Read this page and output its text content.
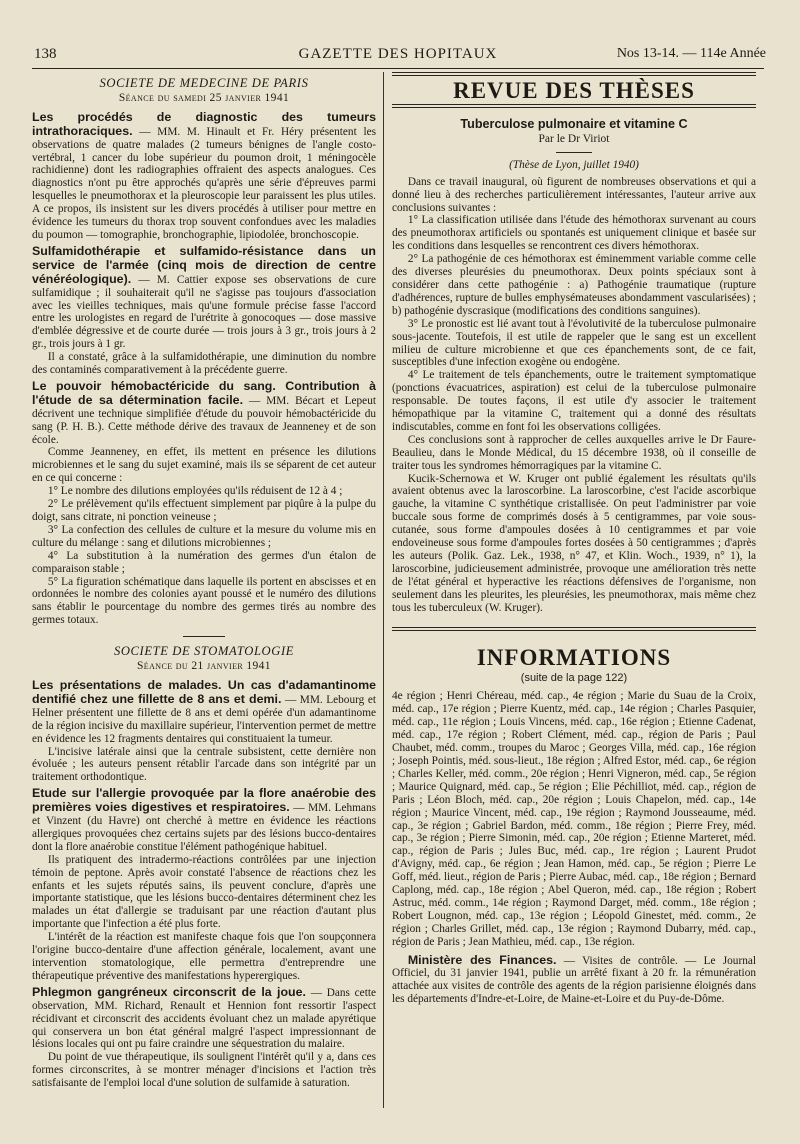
138	GAZETTE DES HOPITAUX	Nos 13-14. — 114e Année
SOCIETE DE MEDECINE DE PARIS
Séance du samedi 25 janvier 1941

Les procédés de diagnostic des tumeurs intrathoraciques. — MM. M. Hinault et Fr. Héry présentent les observations de quatre malades (2 tumeurs bénignes de l'angle costo-vertébral, 1 cancer du lobe supérieur du poumon droit, 1 méningocèle rachidienne) dont les radiographies offraient des aspects analogues. Ces diagnostics n'ont pu être approchés qu'après une série d'épreuves parmi lesquelles le pneumothorax et la pleuroscopie leur paraissent les plus utiles. A ce propos, ils insistent sur les divers procédés à utiliser pour mettre en évidence les tumeurs du thorax trop souvent confondues avec les maladies du poumon — tomographie, bronchographie, lipiodolée, bronchoscopie.

Sulfamidothérapie et sulfamido-résistance dans un service de l'armée (cinq mois de direction de centre vénéréologique). — M. Cattier expose ses observations de cure sulfamidique ; il souhaiterait qu'il ne s'agisse pas toujours d'association avec les vieilles techniques, mais qu'une formule précise fasse l'accord entre les urologistes en regard de l'urétrite à gonocoques — dose massive d'emblée dégressive et de courte durée — trois jours à 3 gr., trois jours à 2 gr., trois jours à 1 gr.

Il a constaté, grâce à la sulfamidothérapie, une diminution du nombre des contaminés comparativement à la précédente guerre.

Le pouvoir hémobactéricide du sang. Contribution à l'étude de sa détermination facile. — MM. Bécart et Lepeut décrivent une technique simplifiée d'étude du pouvoir hémobactéricide du sang (P. H. B.). Cette méthode dérive des travaux de Jeanneney et de son école.

Comme Jeanneney, en effet, ils mettent en présence les dilutions microbiennes et le sang du sujet examiné, mais ils se séparent de cet auteur en ce qui concerne :

1° Le nombre des dilutions employées qu'ils réduisent de 12 à 4 ;

2° Le prélèvement qu'ils effectuent simplement par piqûre à la pulpe du doigt, sans citrate, ni ponction veineuse ;

3° La confection des cellules de culture et la mesure du volume mis en culture du mélange : sang et dilutions microbiennes ;

4° La substitution à la numération des germes d'un étalon de comparaison stable ;

5° La figuration schématique dans laquelle ils portent en abscisses et en ordonnées le nombre des colonies ayant poussé et le numéro des dilutions sans établir le pourcentage du nombre des germes tirés au nombre des germes totaux.

SOCIETE DE STOMATOLOGIE
Séance du 21 janvier 1941

Les présentations de malades. Un cas d'adamantinome dentifié chez une fillette de 8 ans et demi. — MM. Lebourg et Helner présentent une fillette de 8 ans et demi opérée d'un adamantinome de la région incisive du maxillaire supérieur, l'intervention permet de mettre en évidence les 12 fragments dentaires qui constituaient la tumeur.

L'incisive latérale ainsi que la centrale subsistent, cette dernière non évoluée ; les auteurs pensent rétablir l'arcade dans son intégrité par un traitement orthodontique.

Etude sur l'allergie provoquée par la flore anaérobie des premières voies digestives et respiratoires. — MM. Lehmans et Vinzent (du Havre) ont cherché à mettre en évidence les réactions allergiques provoquées chez certains sujets par des lésions bucco-dentaires dont la flore anaérobie constitue l'élément pathogénique habituel.

Ils pratiquent des intradermo-réactions contrôlées par une injection témoin de peptone. Après avoir constaté l'absence de réactions chez les enfants et les sujets réputés sains, ils peuvent conclure, d'après une importante statistique, que les lésions bucco-dentaires déterminent chez les malades un état d'allergie se traduisant par une réaction d'autant plus importante que l'infection a été plus forte.

L'intérêt de la réaction est manifeste chaque fois que l'on soupçonnera l'origine bucco-dentaire d'une affection générale, localement, avant une intervention stomatologique, elle permettra d'entreprendre une thérapeutique préventive des manifestations hyperergiques.

Phlegmon gangréneux circonscrit de la joue. — Dans cette observation, MM. Richard, Renault et Hennion font ressortir l'aspect récidivant et circonscrit des accidents évoluant chez un malade apyrétique qui conservera un bon état général malgré l'aspect impressionnant de lésions locales qui ont pu faire craindre une séquestration du malaire.

Du point de vue thérapeutique, ils soulignent l'intérêt qu'il y a, dans ces formes circonscrites, à se montrer ménager d'incisions et l'action très satisfaisante de l'emploi local d'une solution de sulfamide à saturation.

REVUE DES THÈSES
Tuberculose pulmonaire et vitamine C
Par le Dr Viriot
(Thèse de Lyon, juillet 1940)

Dans ce travail inaugural, où figurent de nombreuses observations et qui a donné lieu à des recherches particulièrement intéressantes, l'auteur arrive aux conclusions suivantes :

1° La classification utilisée dans l'étude des hémothorax survenant au cours des pneumothorax artificiels ou spontanés est uniquement clinique et basée sur les conditions dans lesquelles se rencontrent ces divers hémothorax.

2° La pathogénie de ces hémothorax est éminemment variable comme celle des diverses pleurésies du pneumothorax. Deux points spéciaux sont à considérer dans cette pathogénie : a) Pathogénie traumatique (rupture d'adhérences, rupture de bulles emphysémateuses abondamment vascularisées) ; b) pathogénie dyscrasique (modifications des conditions sanguines).

3° Le pronostic est lié avant tout à l'évolutivité de la tuberculose pulmonaire sous-jacente. Toutefois, il est utile de rappeler que le sang est un excellent milieu de culture microbienne et que ces épanchements sont, de ce fait, susceptibles d'une infection exogène ou endogène.

4° Le traitement de tels épanchements, outre le traitement symptomatique (ponctions évacuatrices, aspiration) est celui de la tuberculose pulmonaire responsable. De toutes façons, il est utile d'y associer le traitement hémopathique par la vitamine C, traitement qui a donné des résultats indiscutables, comme en font foi les observations colligées.

Ces conclusions sont à rapprocher de celles auxquelles arrive le Dr Faure-Beaulieu, dans le Monde Médical, du 15 décembre 1938, où il conseille de traiter tous les syndromes hémorragiques par la vitamine C.

Kucik-Schernowa et W. Kruger ont publié également les résultats qu'ils avaient obtenus avec la laroscorbine. La laroscorbine, c'est l'acide ascorbique gauche, la vitamine C synthétique cristallisée. On peut l'administrer par voie buccale sous forme de comprimés dosés à 5 centigrammes, par voie sous-cutanée, sous forme d'ampoules dosées à 10 centigrammes et par voie endoveineuse sous forme d'ampoules fortes dosées à 50 centigrammes ; d'après les auteurs (Polik. Gaz. Lek., 1938, n° 47, et Klin. Woch., 1939, n° 1), la laroscorbine, judicieusement administrée, provoque une amélioration très nette de l'état général et hyperactive les réactions défensives de l'organisme, non seulement dans les pleurites, les pleurésies, les pneumothorax, mais même chez tous les tuberculeux (W. Kruger).

INFORMATIONS
(suite de la page 122)

4e région ; Henri Chéreau, méd. cap., 4e région ; Marie du Suau de la Croix, méd. cap., 17e région ; Pierre Kuentz, méd. cap., 14e région ; Charles Pasquier, méd. cap., 11e région ; Louis Vincens, méd. cap., 16e région ; Etienne Cadenat, méd. cap., 17e région ; Robert Clément, méd. cap., région de Paris ; Paul Chaubet, méd. comm., troupes du Maroc ; Georges Villa, méd. cap., 16e région ; Joseph Pointis, méd. sous-lieut., 18e région ; Alfred Estor, méd. cap., 6e région ; Charles Keller, méd. comm., 20e région ; Henri Vigneron, méd. cap., 5e région ; Maurice Quignard, méd. cap., 5e région ; Elie Péchilliot, méd. cap., région de Paris ; Léon Bloch, méd. cap., 20e région ; Louis Chapelon, méd. cap., 14e région ; Maurice Vincent, méd. cap., 19e région ; Raymond Jousseaume, méd. cap., 3e région ; Gabriel Bardon, méd. comm., 18e région ; Pierre Frey, méd. cap., 3e région ; Pierre Simonin, méd. cap., 20e région ; Etienne Marteret, méd. cap., région de Paris ; Jules Buc, méd. cap., 1re région ; Laurent Prudot d'Avigny, méd. cap., 6e région ; Jean Hamon, méd. cap., 5e région ; Pierre Le Goff, méd. lieut., région de Paris ; Pierre Aubac, méd. cap., 18e région ; Bernard Caplong, méd. cap., 18e région ; Abel Queron, méd. cap., 18e région ; Robert Astruc, méd. comm., 14e région ; Raymond Darget, méd. comm., 18e région ; Robert Lougnon, méd. cap., 13e région ; Léopold Ginestet, méd. comm., 2e région ; Charles Grillet, méd. cap., 13e région ; Raymond Dubarry, méd. cap., région de Paris ; Jean Mathieu, méd. cap., 13e région.

Ministère des Finances. — Visites de contrôle. — Le Journal Officiel, du 31 janvier 1941, publie un arrêté fixant à 20 fr. la rémunération attachée aux visites de contrôle des agents de la région parisienne éloignés dans les départements d'Indre-et-Loire, de Maine-et-Loire et du Puy-de-Dôme.
